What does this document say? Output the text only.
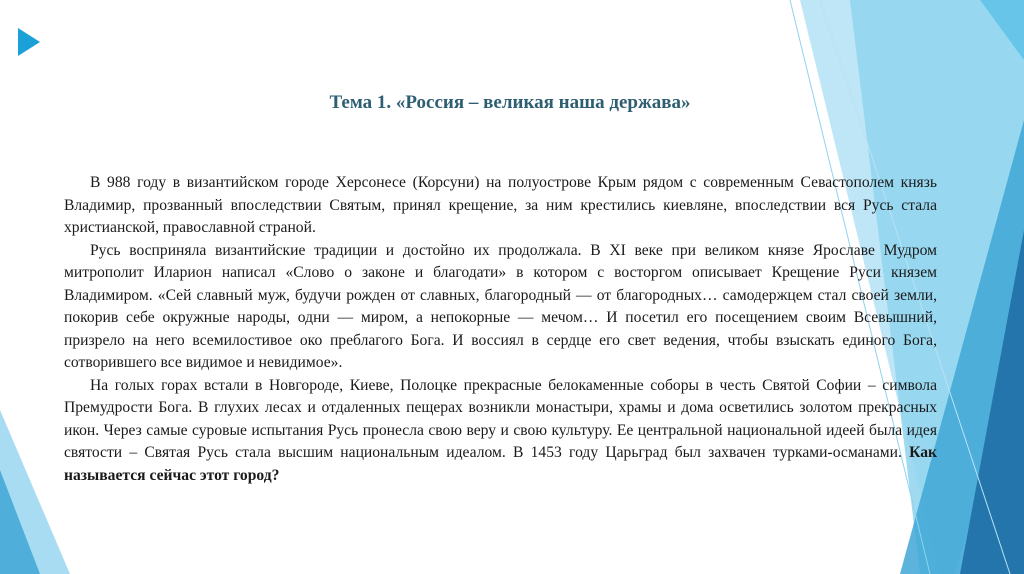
Тема 1. «Россия – великая наша держава»

В 988 году в византийском городе Херсонесе (Корсуни) на полуострове Крым рядом с современным Севастополем князь Владимир, прозванный впоследствии Святым, принял крещение, за ним крестились киевляне, впоследствии вся Русь стала христианской, православной страной.

Русь восприняла византийские традиции и достойно их продолжала. В XI веке при великом князе Ярославе Мудром митрополит Иларион написал «Слово о законе и благодати» в котором с восторгом описывает Крещение Руси князем Владимиром. «Сей славный муж, будучи рожден от славных, благородный — от благородных… самодержцем стал своей земли, покорив себе окружные народы, одни — миром, а непокорные — мечом… И посетил его посещением своим Всевышний, призрело на него всемилостивое око преблагого Бога. И воссиял в сердце его свет ведения, чтобы взыскать единого Бога, сотворившего все видимое и невидимое».

На голых горах встали в Новгороде, Киеве, Полоцке прекрасные белокаменные соборы в честь Святой Софии – символа Премудрости Бога. В глухих лесах и отдаленных пещерах возникли монастыри, храмы и дома осветились золотом прекрасных икон. Через самые суровые испытания Русь пронесла свою веру и свою культуру. Ее центральной национальной идеей была идея святости – Святая Русь стала высшим национальным идеалом. В 1453 году Царьград был захвачен турками-османами. Как называется сейчас этот город?
